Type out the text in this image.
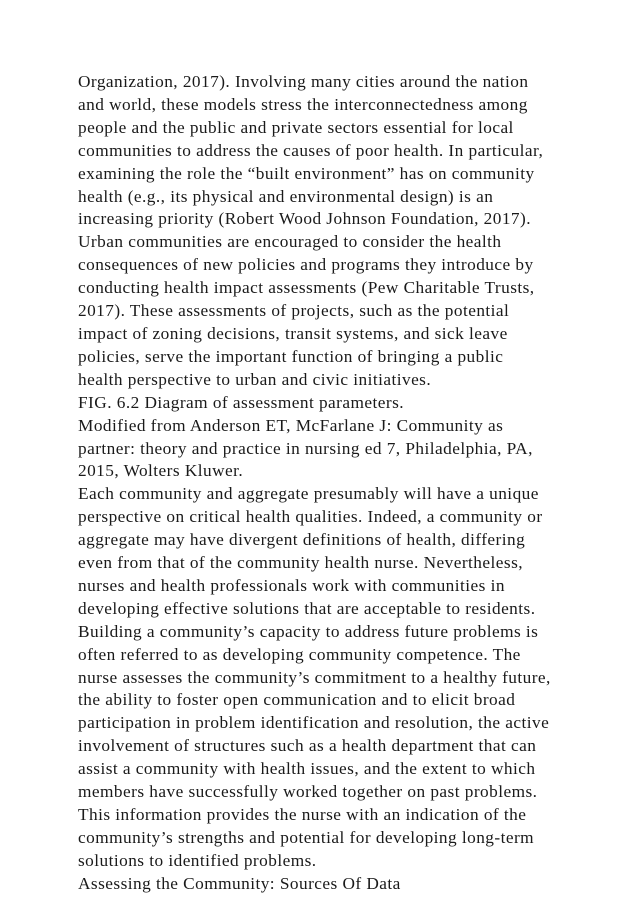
Organization, 2017). Involving many cities around the nation
and world, these models stress the interconnectedness among
people and the public and private sectors essential for local
communities to address the causes of poor health. In particular,
examining the role the “built environment” has on community
health (e.g., its physical and environmental design) is an
increasing priority (Robert Wood Johnson Foundation, 2017).
Urban communities are encouraged to consider the health
consequences of new policies and programs they introduce by
conducting health impact assessments (Pew Charitable Trusts,
2017). These assessments of projects, such as the potential
impact of zoning decisions, transit systems, and sick leave
policies, serve the important function of bringing a public
health perspective to urban and civic initiatives.
FIG. 6.2 Diagram of assessment parameters.
Modified from Anderson ET, McFarlane J: Community as
partner: theory and practice in nursing ed 7, Philadelphia, PA,
2015, Wolters Kluwer.
Each community and aggregate presumably will have a unique
perspective on critical health qualities. Indeed, a community or
aggregate may have divergent definitions of health, differing
even from that of the community health nurse. Nevertheless,
nurses and health professionals work with communities in
developing effective solutions that are acceptable to residents.
Building a community’s capacity to address future problems is
often referred to as developing community competence. The
nurse assesses the community’s commitment to a healthy future,
the ability to foster open communication and to elicit broad
participation in problem identification and resolution, the active
involvement of structures such as a health department that can
assist a community with health issues, and the extent to which
members have successfully worked together on past problems.
This information provides the nurse with an indication of the
community’s strengths and potential for developing long-term
solutions to identified problems.
Assessing the Community: Sources Of Data
